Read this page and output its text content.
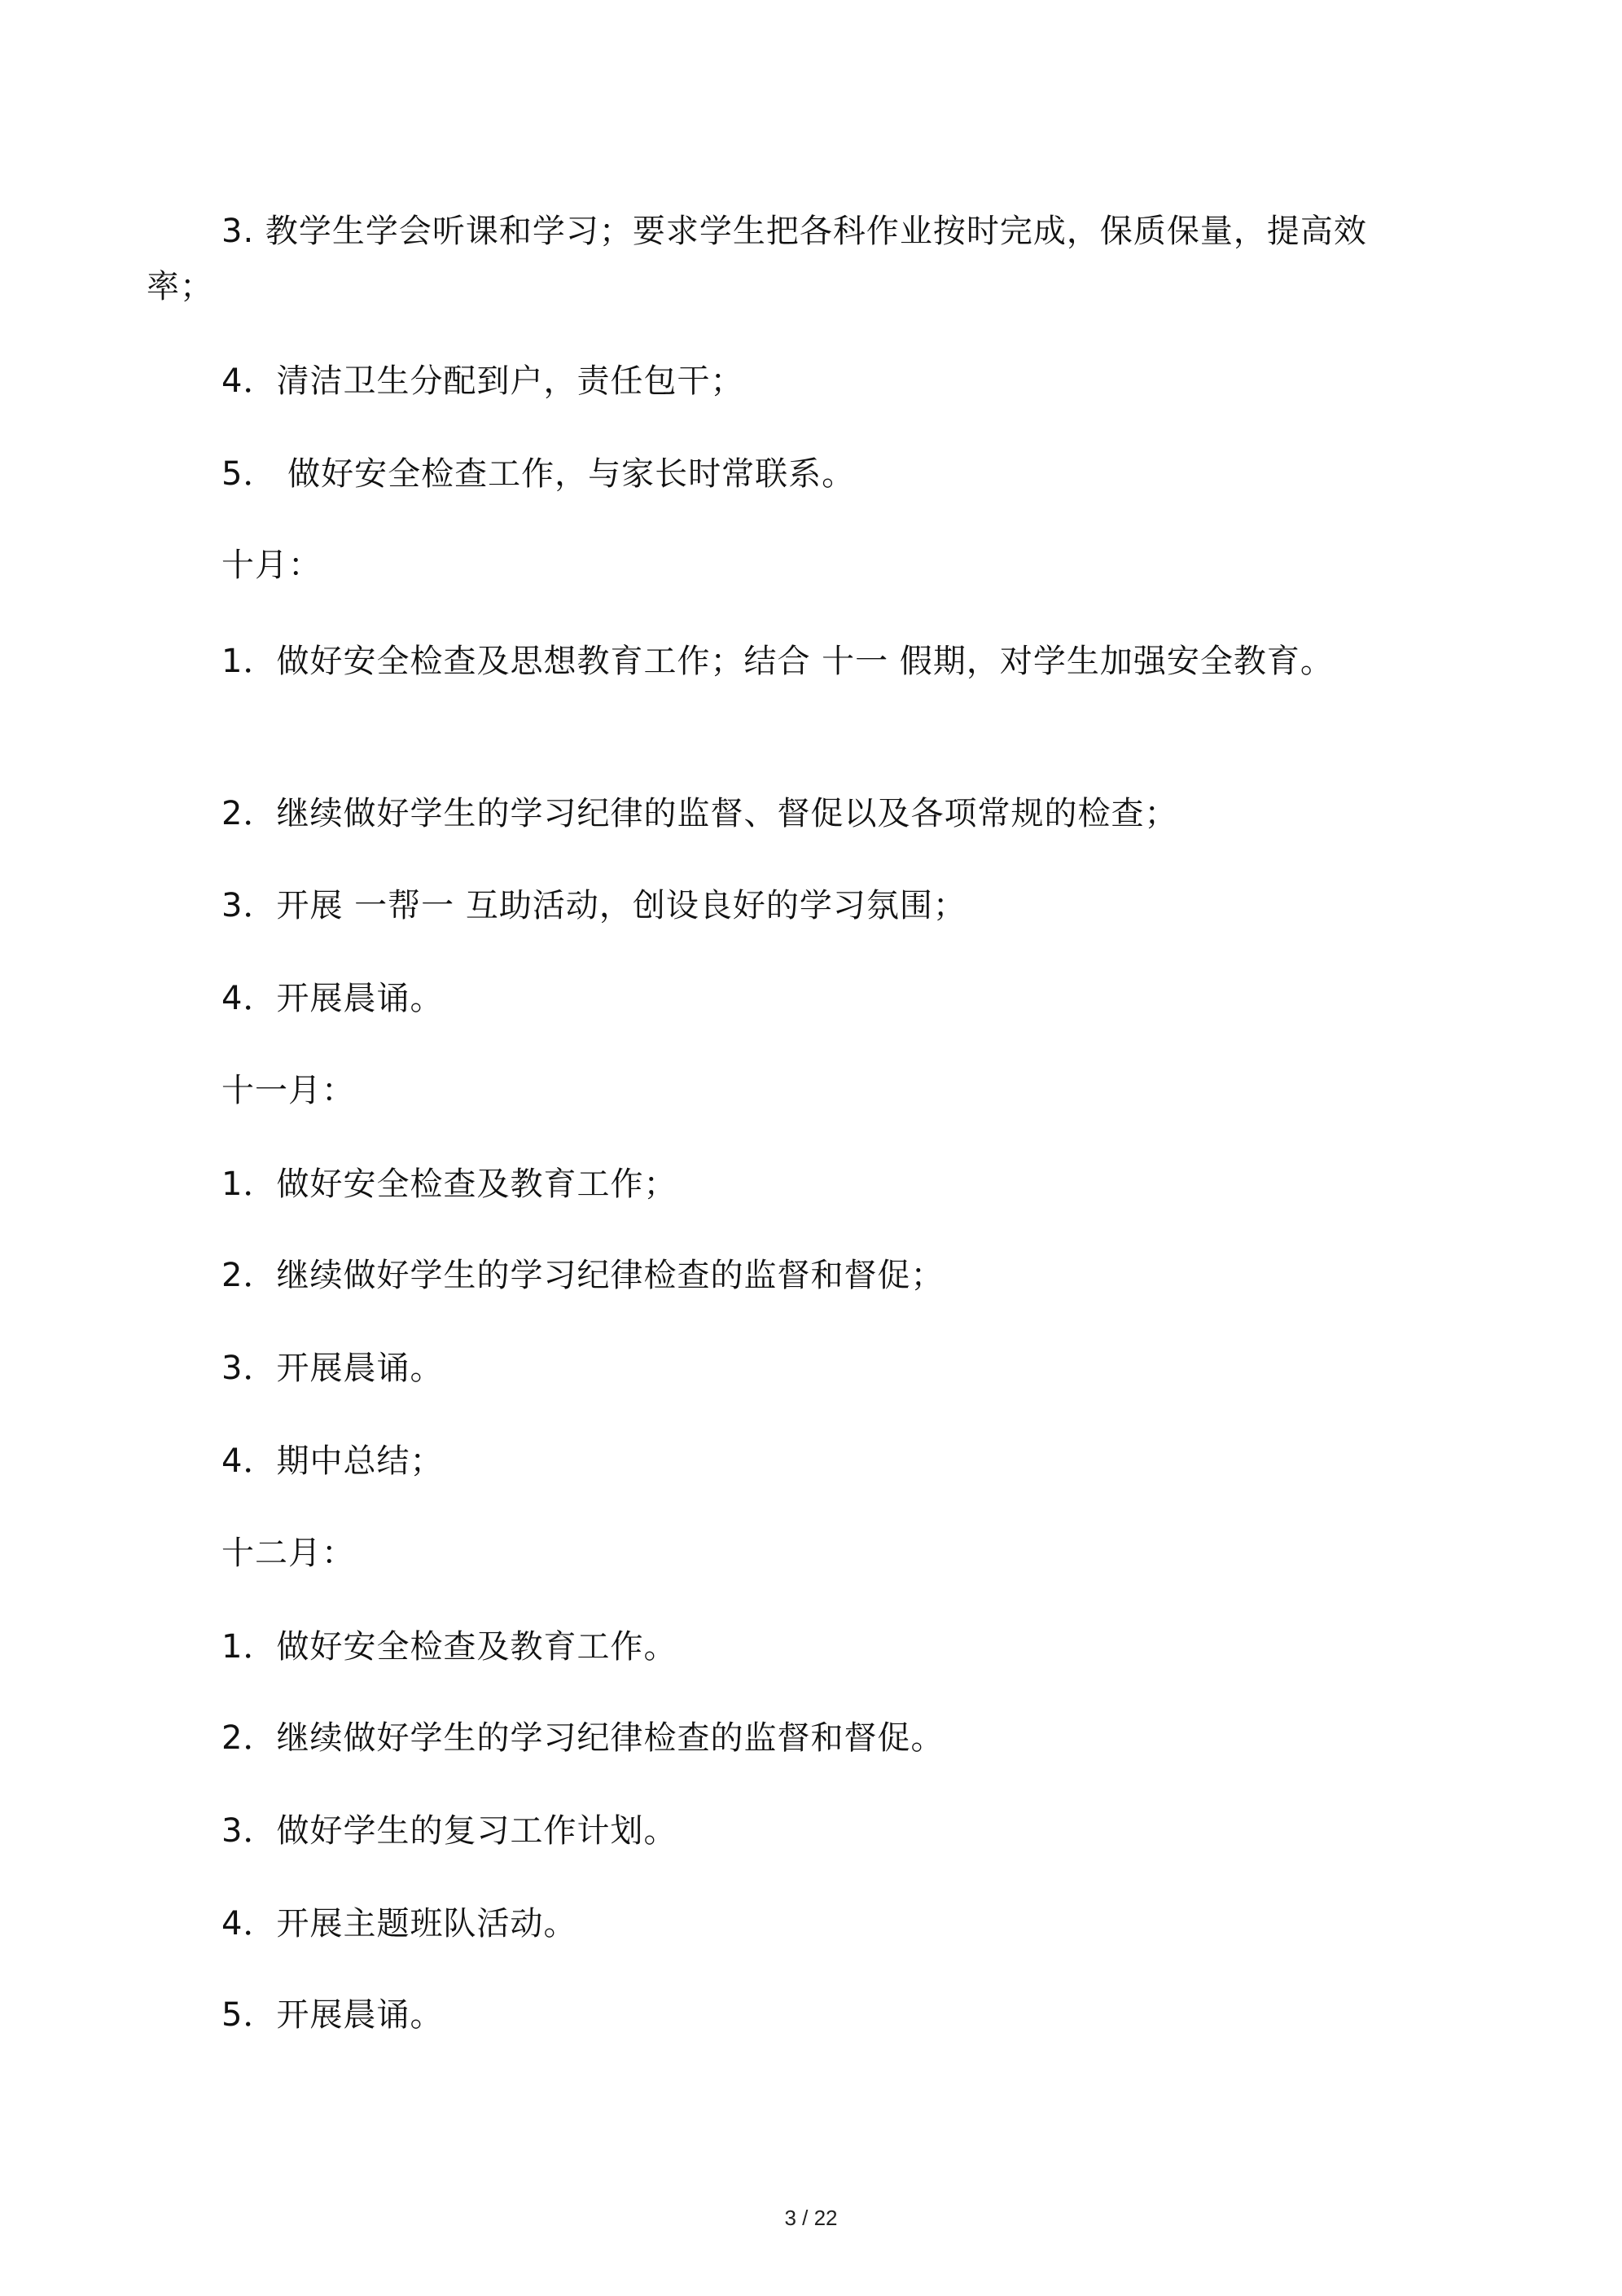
3. 教学生学会听课和学习；要求学生把各科作业按时完成，保质保量，提高效率；
4．清洁卫生分配到户，责任包干；
5． 做好安全检查工作，与家长时常联系。
十月：
1．做好安全检查及思想教育工作；结合 十一 假期，对学生加强安全教育。
2．继续做好学生的学习纪律的监督、督促以及各项常规的检查；
3．开展 一帮一 互助活动，创设良好的学习氛围；
4．开展晨诵。
十一月：
1．做好安全检查及教育工作；
2．继续做好学生的学习纪律检查的监督和督促；
3．开展晨诵。
4．期中总结；
十二月：
1．做好安全检查及教育工作。
2．继续做好学生的学习纪律检查的监督和督促。
3．做好学生的复习工作计划。
4．开展主题班队活动。
5．开展晨诵。
3 / 22
